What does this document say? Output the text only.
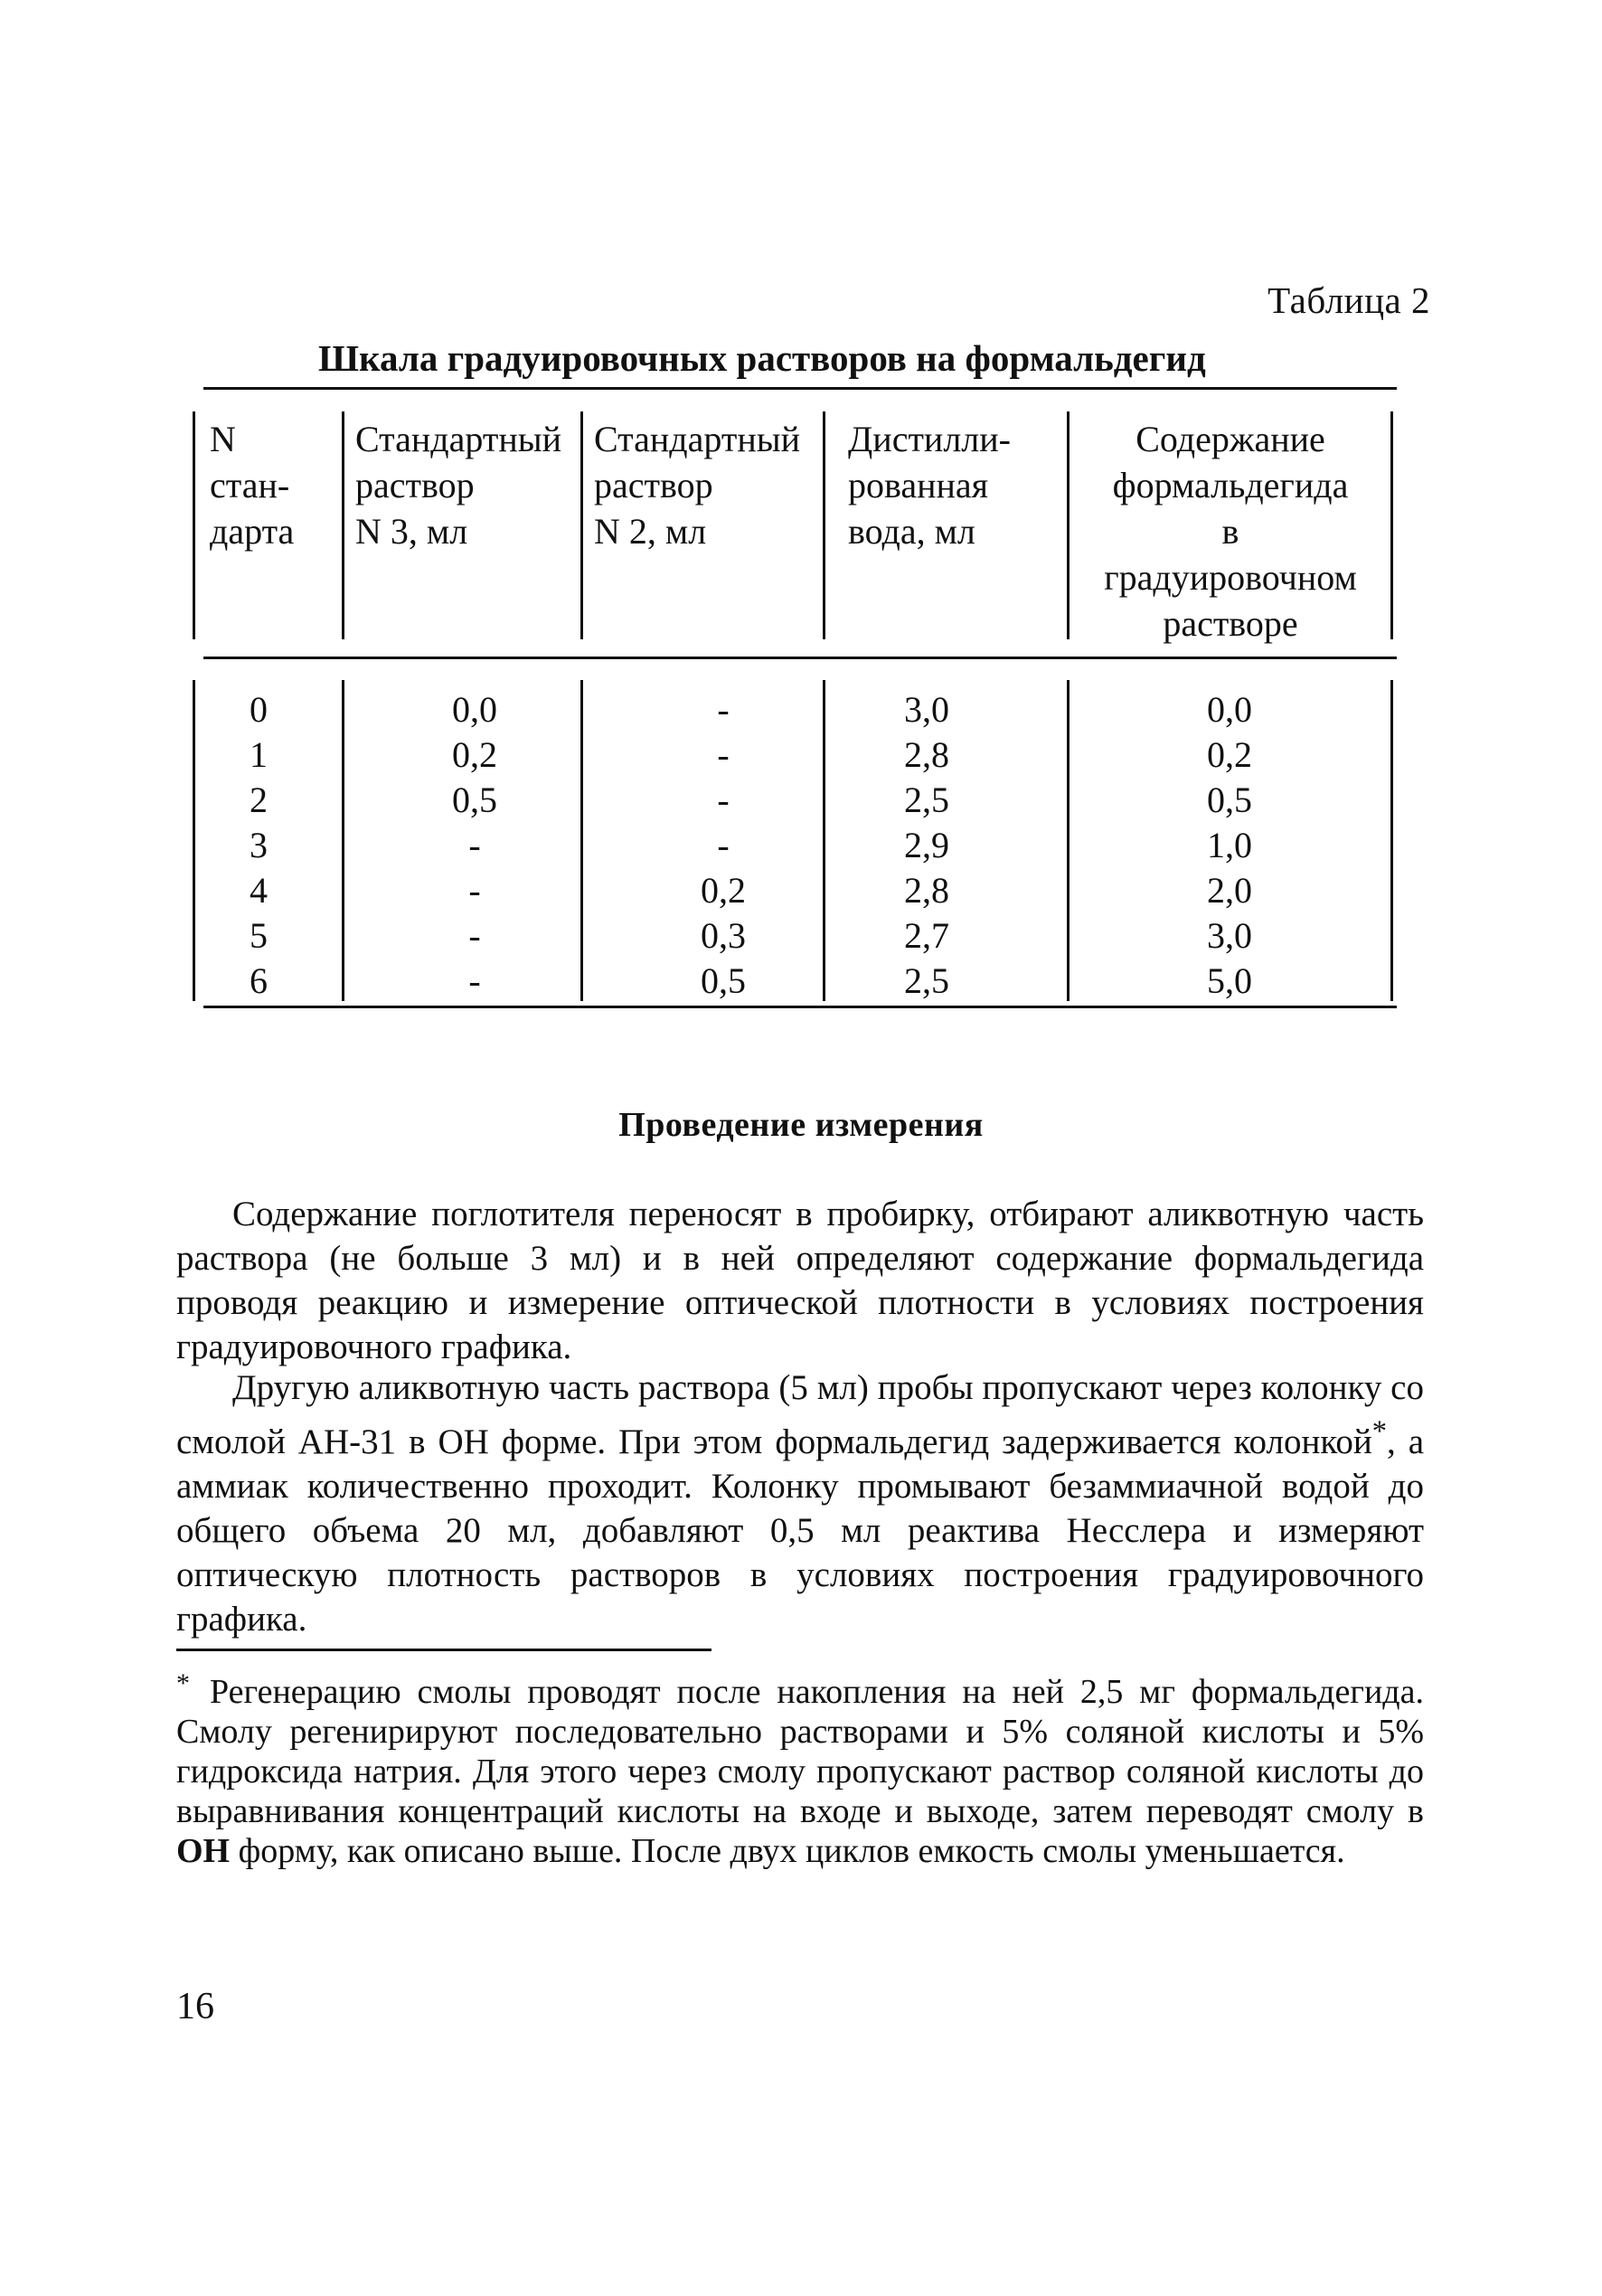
Таблица 2
Шкала градуировочных растворов на формальдегид
N
стан-
дарта
Стандартный
раствор
N 3, мл
Стандартный
раствор
N 2, мл
Дистилли-
рованная
вода, мл
Содержание
формальдегида
в
градуировочном
растворе
0
1
2
3
4
5
6
0,0
0,2
0,5
-
-
-
-
-
-
-
-
0,2
0,3
0,5
3,0
2,8
2,5
2,9
2,8
2,7
2,5
0,0
0,2
0,5
1,0
2,0
3,0
5,0
Проведение измерения
Содержание поглотителя переносят в пробирку, отбирают аликвотную часть раствора (не больше 3 мл) и в ней определяют содержание формальдегида проводя реакцию и измерение оптической плотности в условиях построения градуировочного графика.
Другую аликвотную часть раствора (5 мл) пробы пропускают через колонку со смолой АН-31 в ОН форме. При этом формальдегид задерживается колонкой*, а аммиак количественно проходит. Колонку промывают безаммиачной водой до общего объема 20 мл, добавляют 0,5 мл реактива Несслера и измеряют оптическую плотность растворов в условиях построения градуировочного графика.
* Регенерацию смолы проводят после накопления на ней 2,5 мг формальдегида. Смолу регенирируют последовательно растворами и 5% соляной кислоты и 5% гидроксида натрия. Для этого через смолу пропускают раствор соляной кислоты до выравнивания концентраций кислоты на входе и выходе, затем переводят смолу в ОН форму, как описано выше. После двух циклов емкость смолы уменьшается.
16
